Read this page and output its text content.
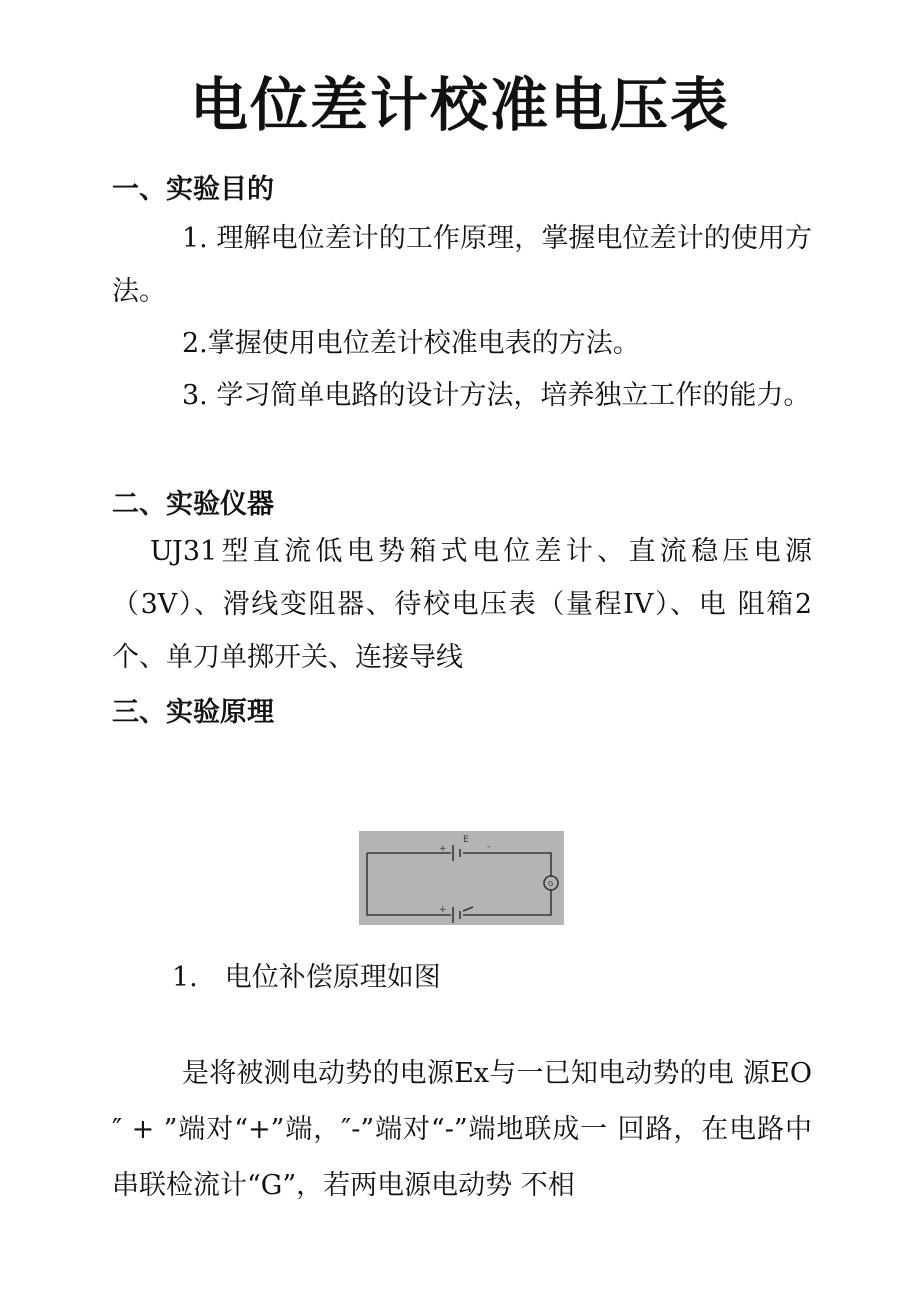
电位差计校准电压表
一、实验目的
1. 理解电位差计的工作原理，掌握电位差计的使用方法。
2.掌握使用电位差计校准电表的方法。
3. 学习简单电路的设计方法，培养独立工作的能力。
二、实验仪器
UJ31型直流低电势箱式电位差计、直流稳压电源（3V）、滑线变阻器、待校电压表（量程IV）、电 阻箱2个、单刀单掷开关、连接导线
三、实验原理
E
+	-
+
G
1.　电位补偿原理如图
是将被测电动势的电源Ex与一已知电动势的电 源EO ″ + ”端对“+”端，″-”端对“-”端地联成一 回路，在电路中串联检流计“G”，若两电源电动势 不相
